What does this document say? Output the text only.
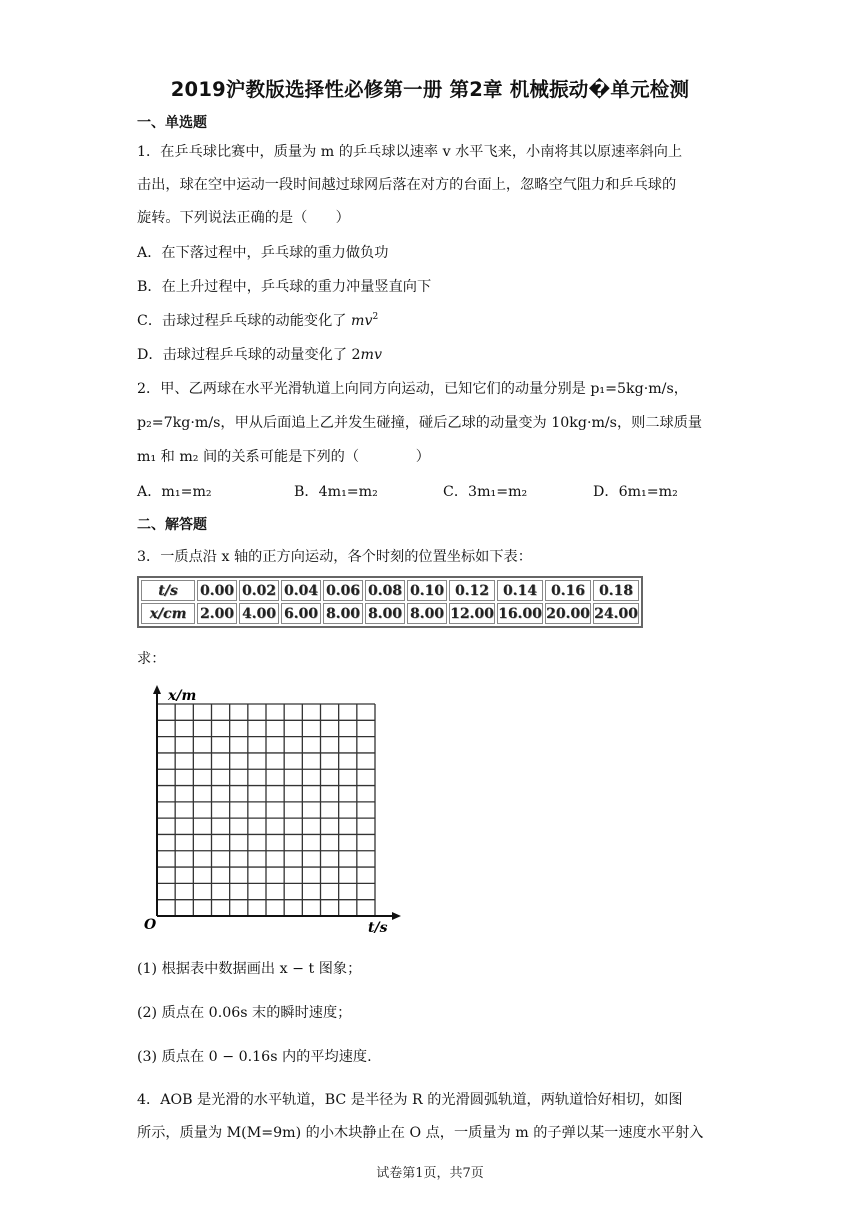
2019沪教版选择性必修第一册 第2章 机械振动�单元检测
一、单选题
1．在乒乓球比赛中，质量为 m 的乒乓球以速率 v 水平飞来，小南将其以原速率斜向上
击出，球在空中运动一段时间越过球网后落在对方的台面上，忽略空气阻力和乒乓球的
旋转。下列说法正确的是（　　）
A．在下落过程中，乒乓球的重力做负功
B．在上升过程中，乒乓球的重力冲量竖直向下
C．击球过程乒乓球的动能变化了 $mv^2$
D．击球过程乒乓球的动量变化了 2mv
2．甲、乙两球在水平光滑轨道上向同方向运动，已知它们的动量分别是 p₁=5kg·m/s，
p₂=7kg·m/s，甲从后面追上乙并发生碰撞，碰后乙球的动量变为 10kg·m/s，则二球质量
m₁ 和 m₂ 间的关系可能是下列的（　　　　）
A．m₁=m₂	B．4m₁=m₂	C．3m₁=m₂	D．6m₁=m₂
二、解答题
3．一质点沿 x 轴的正方向运动，各个时刻的位置坐标如下表：
t/s	0.00	0.02	0.04	0.06	0.08	0.10	0.12	0.14	0.16	0.18
x/cm	2.00	4.00	6.00	8.00	8.00	8.00	12.00	16.00	20.00	24.00
求：
x/m
t/s
O
(1) 根据表中数据画出 x − t 图象；
(2) 质点在 0.06s 末的瞬时速度；
(3) 质点在 0 − 0.16s 内的平均速度.
4．AOB 是光滑的水平轨道，BC 是半径为 R 的光滑圆弧轨道，两轨道恰好相切，如图
所示，质量为 M(M=9m) 的小木块静止在 O 点，一质量为 m 的子弹以某一速度水平射入
试卷第1页，共7页
